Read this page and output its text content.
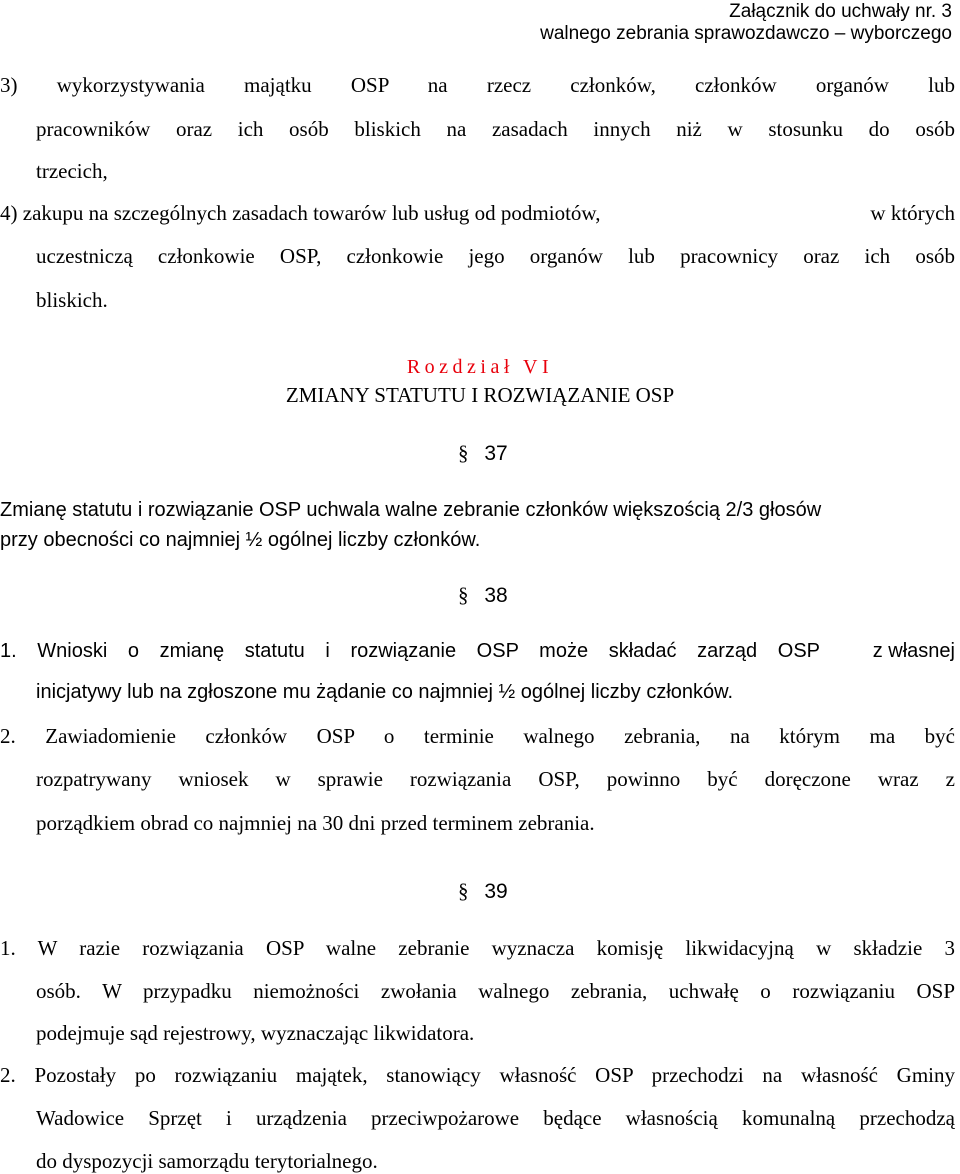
Załącznik do uchwały nr. 3
walnego zebrania sprawozdawczo – wyborczego
3) wykorzystywania majątku OSP na rzecz członków, członków organów lub
pracowników oraz ich osób bliskich na zasadach innych niż w stosunku do osób
trzecich,
4) zakupu na szczególnych zasadach towarów lub usług od podmiotów,	w których
uczestniczą członkowie OSP, członkowie jego organów lub pracownicy oraz ich osób
bliskich.
Rozdział VI
ZMIANY STATUTU I ROZWIĄZANIE OSP
§ 37
Zmianę statutu i rozwiązanie OSP uchwala walne zebranie członków większością 2/3 głosów
przy obecności co najmniej ½ ogólnej liczby członków.
§ 38
1. Wnioski o zmianę statutu i rozwiązanie OSP może składać zarząd OSP	z własnej
inicjatywy lub na zgłoszone mu żądanie co najmniej ½ ogólnej liczby członków.
2. Zawiadomienie członków OSP o terminie walnego zebrania, na którym ma być
rozpatrywany wniosek w sprawie rozwiązania OSP, powinno być doręczone wraz z
porządkiem obrad co najmniej na 30 dni przed terminem zebrania.
§ 39
1. W razie rozwiązania OSP walne zebranie wyznacza komisję likwidacyjną w składzie 3
osób. W przypadku niemożności zwołania walnego zebrania, uchwałę o rozwiązaniu OSP
podejmuje sąd rejestrowy, wyznaczając likwidatora.
2. Pozostały po rozwiązaniu majątek, stanowiący własność OSP przechodzi na własność Gminy
Wadowice Sprzęt i urządzenia przeciwpożarowe będące własnością komunalną przechodzą
do dyspozycji samorządu terytorialnego.
